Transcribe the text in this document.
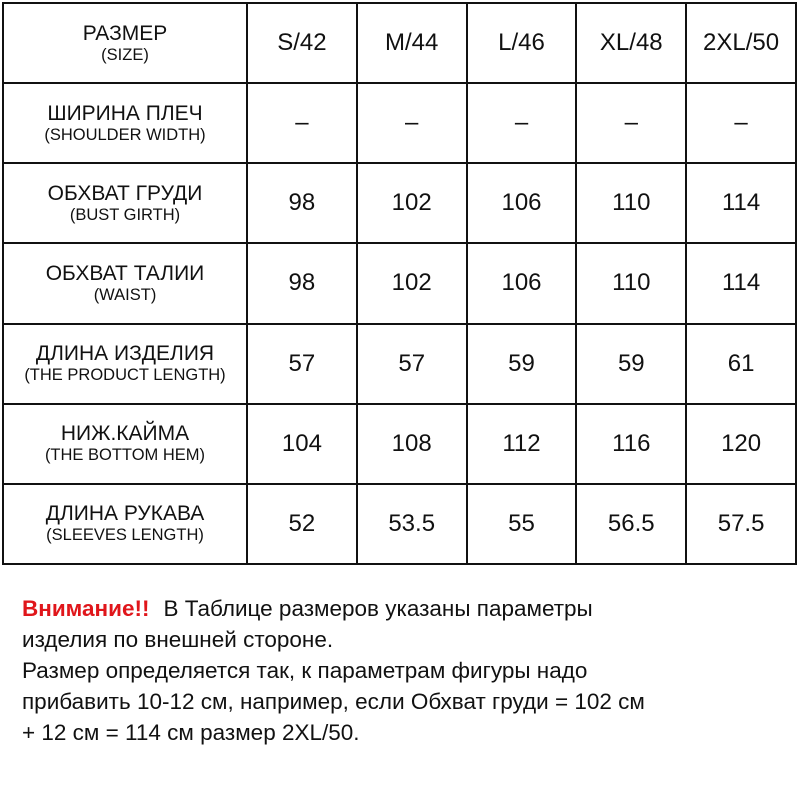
РАЗМЕР
(SIZE)	S/42	M/44	L/46	XL/48	2XL/50

ШИРИНА ПЛЕЧ
(SHOULDER WIDTH)	–	–	–	–	–

ОБХВАТ ГРУДИ
(BUST GIRTH)	98	102	106	110	114

ОБХВАТ ТАЛИИ
(WAIST)	98	102	106	110	114

ДЛИНА ИЗДЕЛИЯ
(THE PRODUCT LENGTH)	57	57	59	59	61

НИЖ.КАЙМА
(THE BOTTOM HEM)	104	108	112	116	120

ДЛИНА РУКАВА
(SLEEVES LENGTH)	52	53.5	55	56.5	57.5

Внимание!! В Таблице размеров указаны параметры

изделия по внешней стороне.

Размер определяется так, к параметрам фигуры надо

прибавить 10-12 см, например, если Обхват груди = 102 см

+ 12 см = 114 см размер 2XL/50.
